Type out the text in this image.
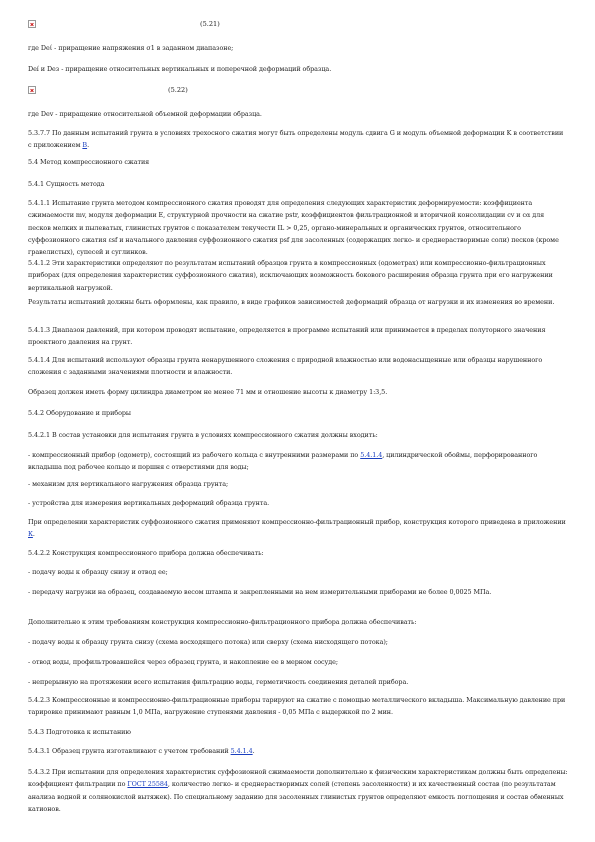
(5.21)

где Deί - приращение напряжения σ1 в заданном диапазоне;

Deí и Deз - приращение относительных вертикальных и поперечной деформаций образца.

(5.22)

где Dev - приращение относительной объемной деформации образца.

5.3.7.7 По данным испытаний грунта в условиях трехосного сжатия могут быть определены модуль сдвига G и модуль объемной деформации K в соответствии с приложением В.

5.4 Метод компрессионного сжатия

5.4.1 Сущность метода

5.4.1.1 Испытание грунта методом компрессионного сжатия проводят для определения следующих характеристик деформируемости: коэффициента сжимаемости mv, модуля деформации E, структурной прочности на сжатие pstr, коэффициентов фильтрационной и вторичной консолидации cv и cα для песков мелких и пылеватых, глинистых грунтов с показателем текучести IL > 0,25, органо-минеральных и органических грунтов, относительного суффозионного сжатия εsf и начального давления суффозионного сжатия psf для засоленных (содержащих легко- и среднерастворимые соли) песков (кроме гравелистых), супесей и суглинков.

5.4.1.2 Эти характеристики определяют по результатам испытаний образцов грунта в компрессионных (одометрах) или компрессионно-фильтрационных приборах (для определения характеристик суффозионного сжатия), исключающих возможность бокового расширения образца грунта при его нагружении вертикальной нагрузкой.

Результаты испытаний должны быть оформлены, как правило, в виде графиков зависимостей деформаций образца от нагрузки и их изменения во времени.

5.4.1.3 Диапазон давлений, при котором проводят испытание, определяется в программе испытаний или принимается в пределах полуторного значения проектного давления на грунт.

5.4.1.4 Для испытаний используют образцы грунта ненарушенного сложения с природной влажностью или водонасыщенные или образцы нарушенного сложения с заданными значениями плотности и влажности.

Образец должен иметь форму цилиндра диаметром не менее 71 мм и отношение высоты к диаметру 1:3,5.

5.4.2 Оборудование и приборы

5.4.2.1 В состав установки для испытания грунта в условиях компрессионного сжатия должны входить:

- компрессионный прибор (одометр), состоящий из рабочего кольца с внутренними размерами по 5.4.1.4, цилиндрической обоймы, перфорированного вкладыша под рабочее кольцо и поршня с отверстиями для воды;

- механизм для вертикального нагружения образца грунта;

- устройства для измерения вертикальных деформаций образца грунта.

При определении характеристик суффозионного сжатия применяют компрессионно-фильтрационный прибор, конструкция которого приведена в приложении К.

5.4.2.2 Конструкция компрессионного прибора должна обеспечивать:

- подачу воды к образцу снизу и отвод ее;

- передачу нагрузки на образец, создаваемую весом штампа и закрепленными на нем измерительными приборами не более 0,0025 МПа.

Дополнительно к этим требованиям конструкция компрессионно-фильтрационного прибора должна обеспечивать:

- подачу воды к образцу грунта снизу (схема восходящего потока) или сверху (схема нисходящего потока);

- отвод воды, профильтровавшейся через образец грунта, и накопление ее в мерном сосуде;

- непрерывную на протяжении всего испытания фильтрацию воды, герметичность соединения деталей прибора.

5.4.2.3 Компрессионные и компрессионно-фильтрационные приборы тарируют на сжатие с помощью металлического вкладыша. Максимальную давление при тарировке принимают равным 1,0 МПа, нагружение ступенями давления - 0,05 МПа с выдержкой по 2 мин.

5.4.3 Подготовка к испытанию

5.4.3.1 Образец грунта изготавливают с учетом требований 5.4.1.4.

5.4.3.2 При испытании для определения характеристик суффозионной сжимаемости дополнительно к физическим характеристикам должны быть определены: коэффициент фильтрации по ГОСТ 25584, количество легко- и среднерастворимых солей (степень засоленности) и их качественный состав (по результатам анализа водной и солянокислой вытяжек). По специальному заданию для засоленных глинистых грунтов определяют емкость поглощения и состав обменных катионов.
